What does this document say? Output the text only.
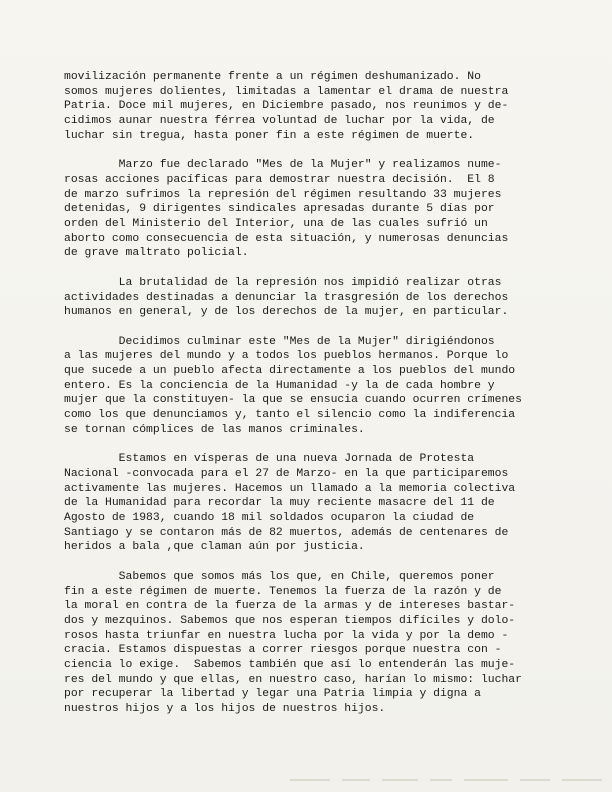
movilización permanente frente a un régimen deshumanizado. No
somos mujeres dolientes, limitadas a lamentar el drama de nuestra
Patria. Doce mil mujeres, en Diciembre pasado, nos reunimos y de-
cidimos aunar nuestra férrea voluntad de luchar por la vida, de
luchar sin tregua, hasta poner fin a este régimen de muerte.

Marzo fue declarado "Mes de la Mujer" y realizamos nume-
rosas acciones pacíficas para demostrar nuestra decisión.  El 8
de marzo sufrimos la represión del régimen resultando 33 mujeres
detenidas, 9 dirigentes sindicales apresadas durante 5 días por
orden del Ministerio del Interior, una de las cuales sufrió un
aborto como consecuencia de esta situación, y numerosas denuncias
de grave maltrato policial.

La brutalidad de la represión nos impidió realizar otras
actividades destinadas a denunciar la trasgresión de los derechos
humanos en general, y de los derechos de la mujer, en particular.

Decidimos culminar este "Mes de la Mujer" dirigiéndonos
a las mujeres del mundo y a todos los pueblos hermanos. Porque lo
que sucede a un pueblo afecta directamente a los pueblos del mundo
entero. Es la conciencia de la Humanidad -y la de cada hombre y
mujer que la constituyen- la que se ensucia cuando ocurren crímenes
como los que denunciamos y, tanto el silencio como la indiferencia
se tornan cómplices de las manos criminales.

Estamos en vísperas de una nueva Jornada de Protesta
Nacional -convocada para el 27 de Marzo- en la que participaremos
activamente las mujeres. Hacemos un llamado a la memoria colectiva
de la Humanidad para recordar la muy reciente masacre del 11 de
Agosto de 1983, cuando 18 mil soldados ocuparon la ciudad de
Santiago y se contaron más de 82 muertos, además de centenares de
heridos a bala ,que claman aún por justicia.

Sabemos que somos más los que, en Chile, queremos poner
fin a este régimen de muerte. Tenemos la fuerza de la razón y de
la moral en contra de la fuerza de la armas y de intereses bastar-
dos y mezquinos. Sabemos que nos esperan tiempos difíciles y dolo-
rosos hasta triunfar en nuestra lucha por la vida y por la demo -
cracia. Estamos dispuestas a correr riesgos porque nuestra con -
ciencia lo exige.  Sabemos también que así lo entenderán las muje-
res del mundo y que ellas, en nuestro caso, harían lo mismo: luchar
por recuperar la libertad y legar una Patria limpia y digna a
nuestros hijos y a los hijos de nuestros hijos.
